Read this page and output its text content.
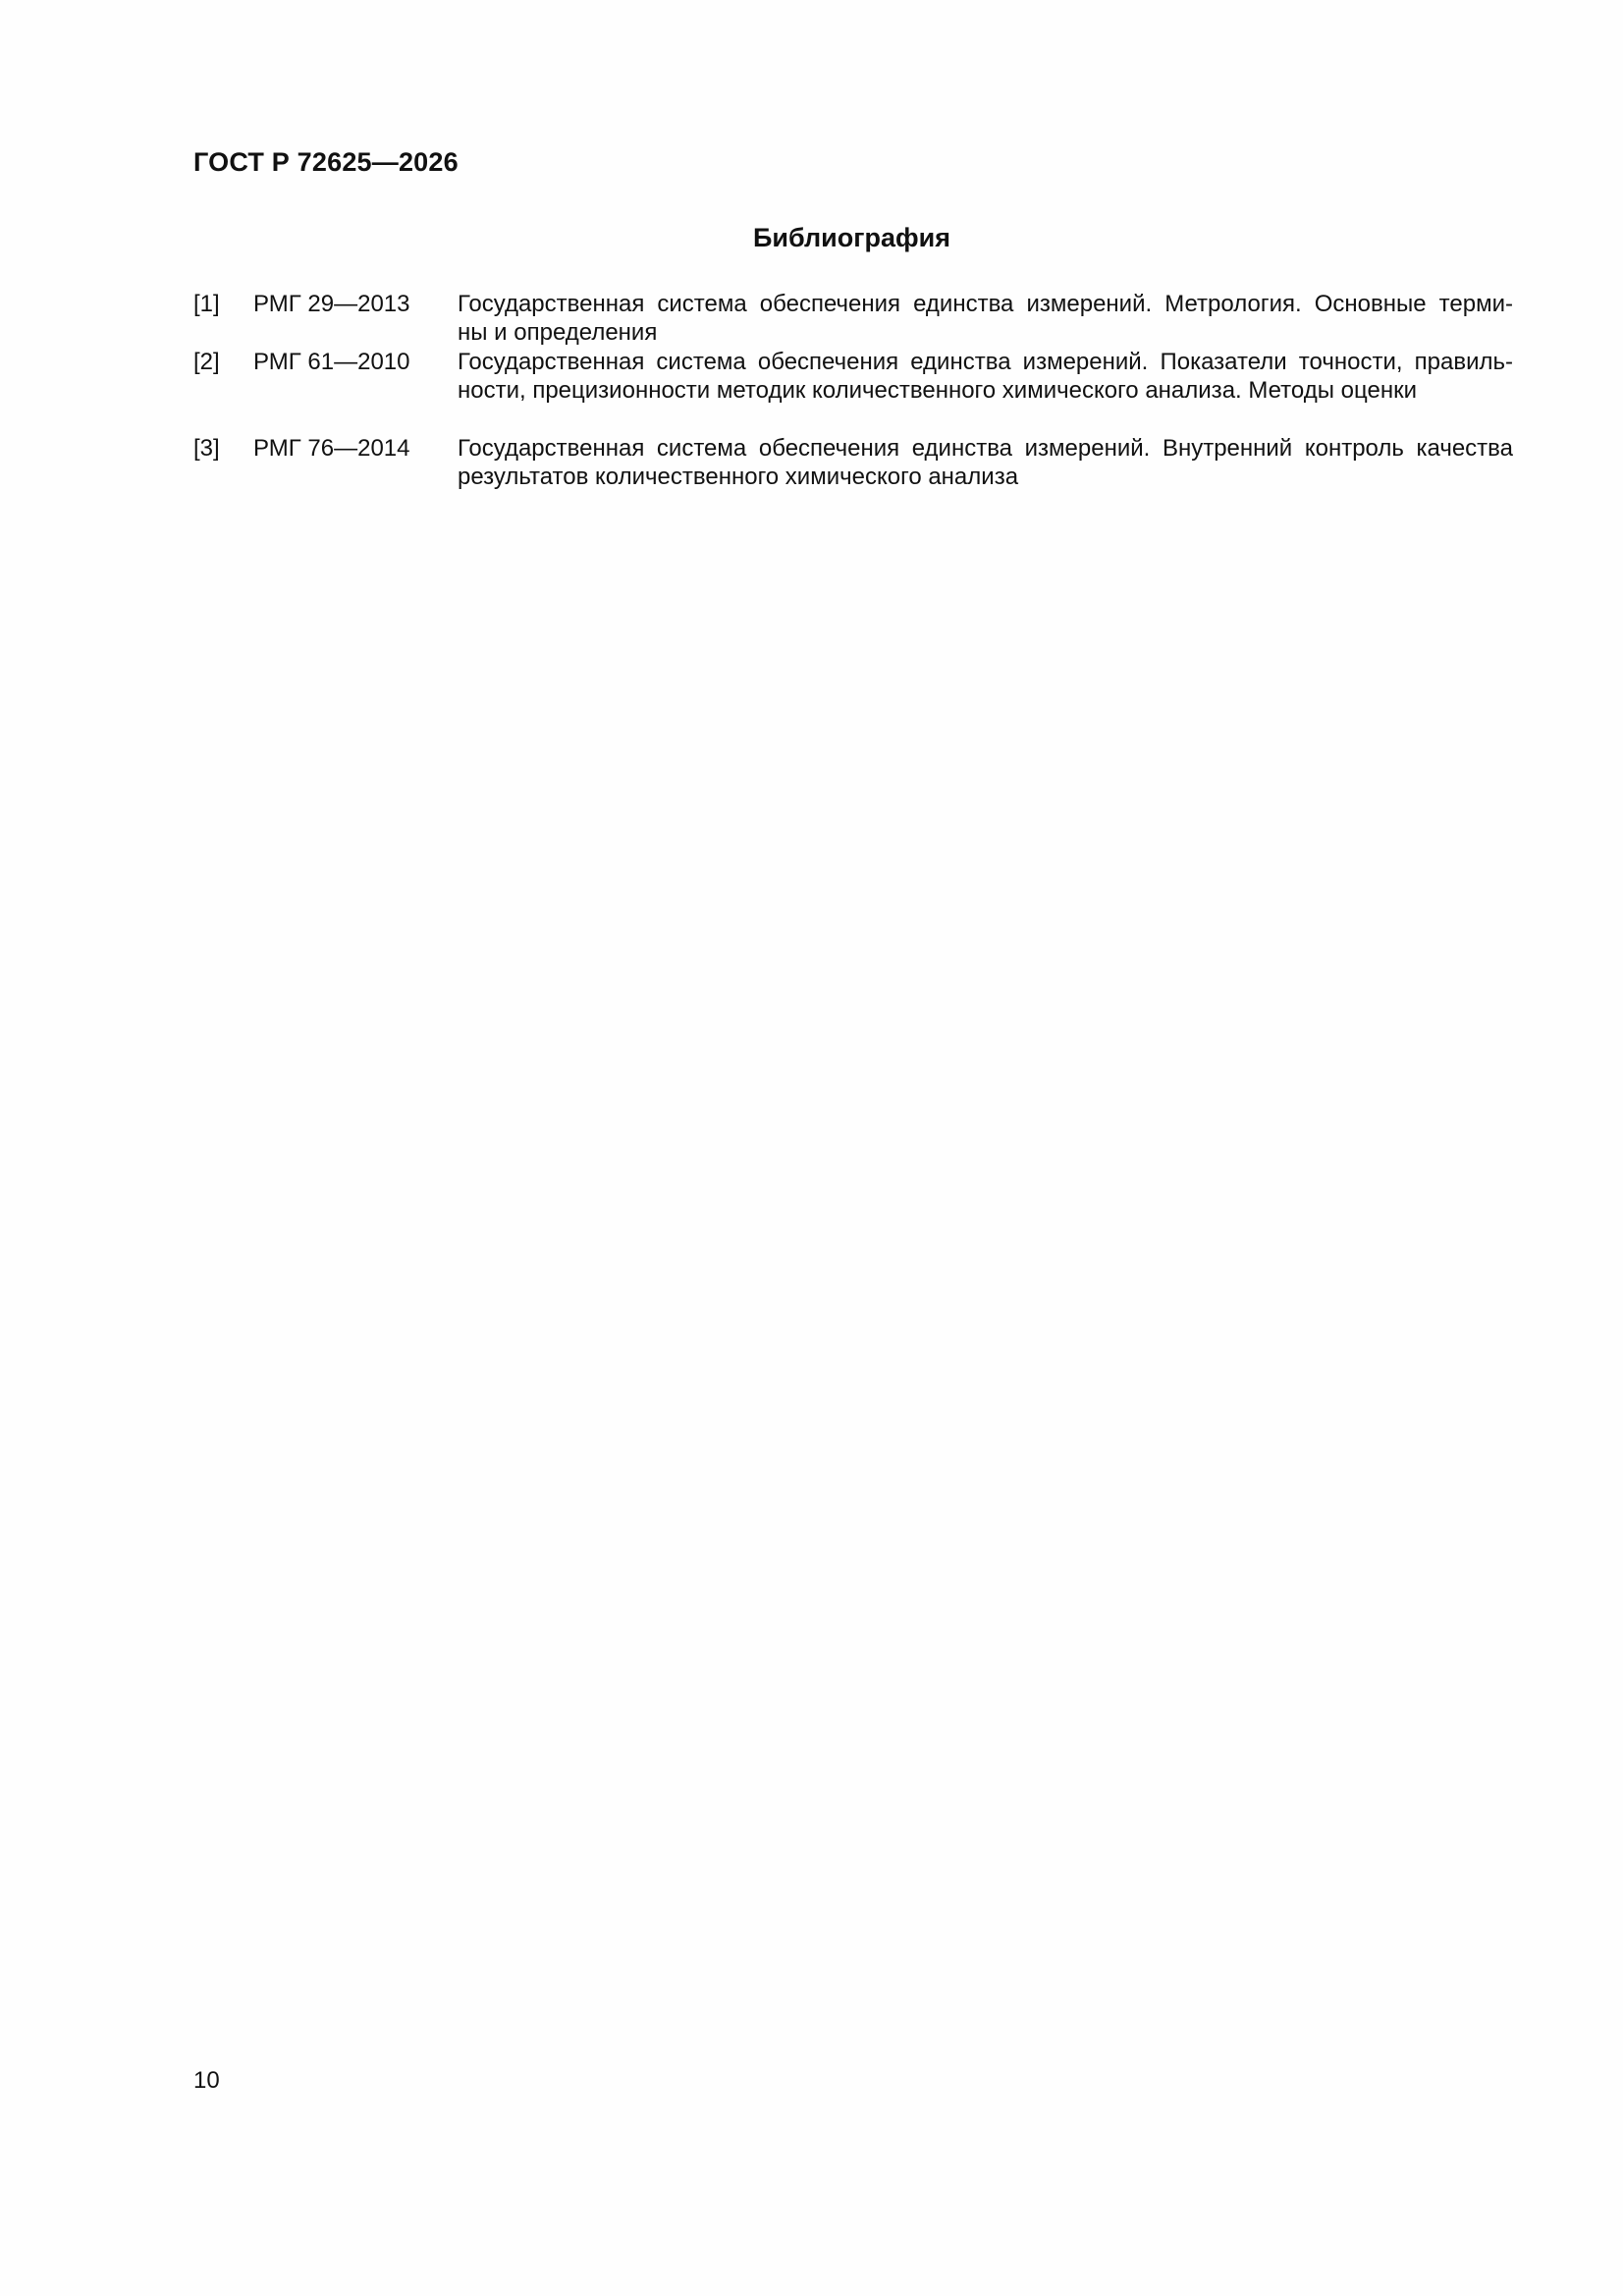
ГОСТ Р 72625—2026
Библиография
[1] РМГ 29—2013 Государственная система обеспечения единства измерений. Метрология. Основные терми-
ны и определения
[2] РМГ 61—2010 Государственная система обеспечения единства измерений. Показатели точности, правиль-
ности, прецизионности методик количественного химического анализа. Методы оценки
[3] РМГ 76—2014 Государственная система обеспечения единства измерений. Внутренний контроль качества
результатов количественного химического анализа
10
